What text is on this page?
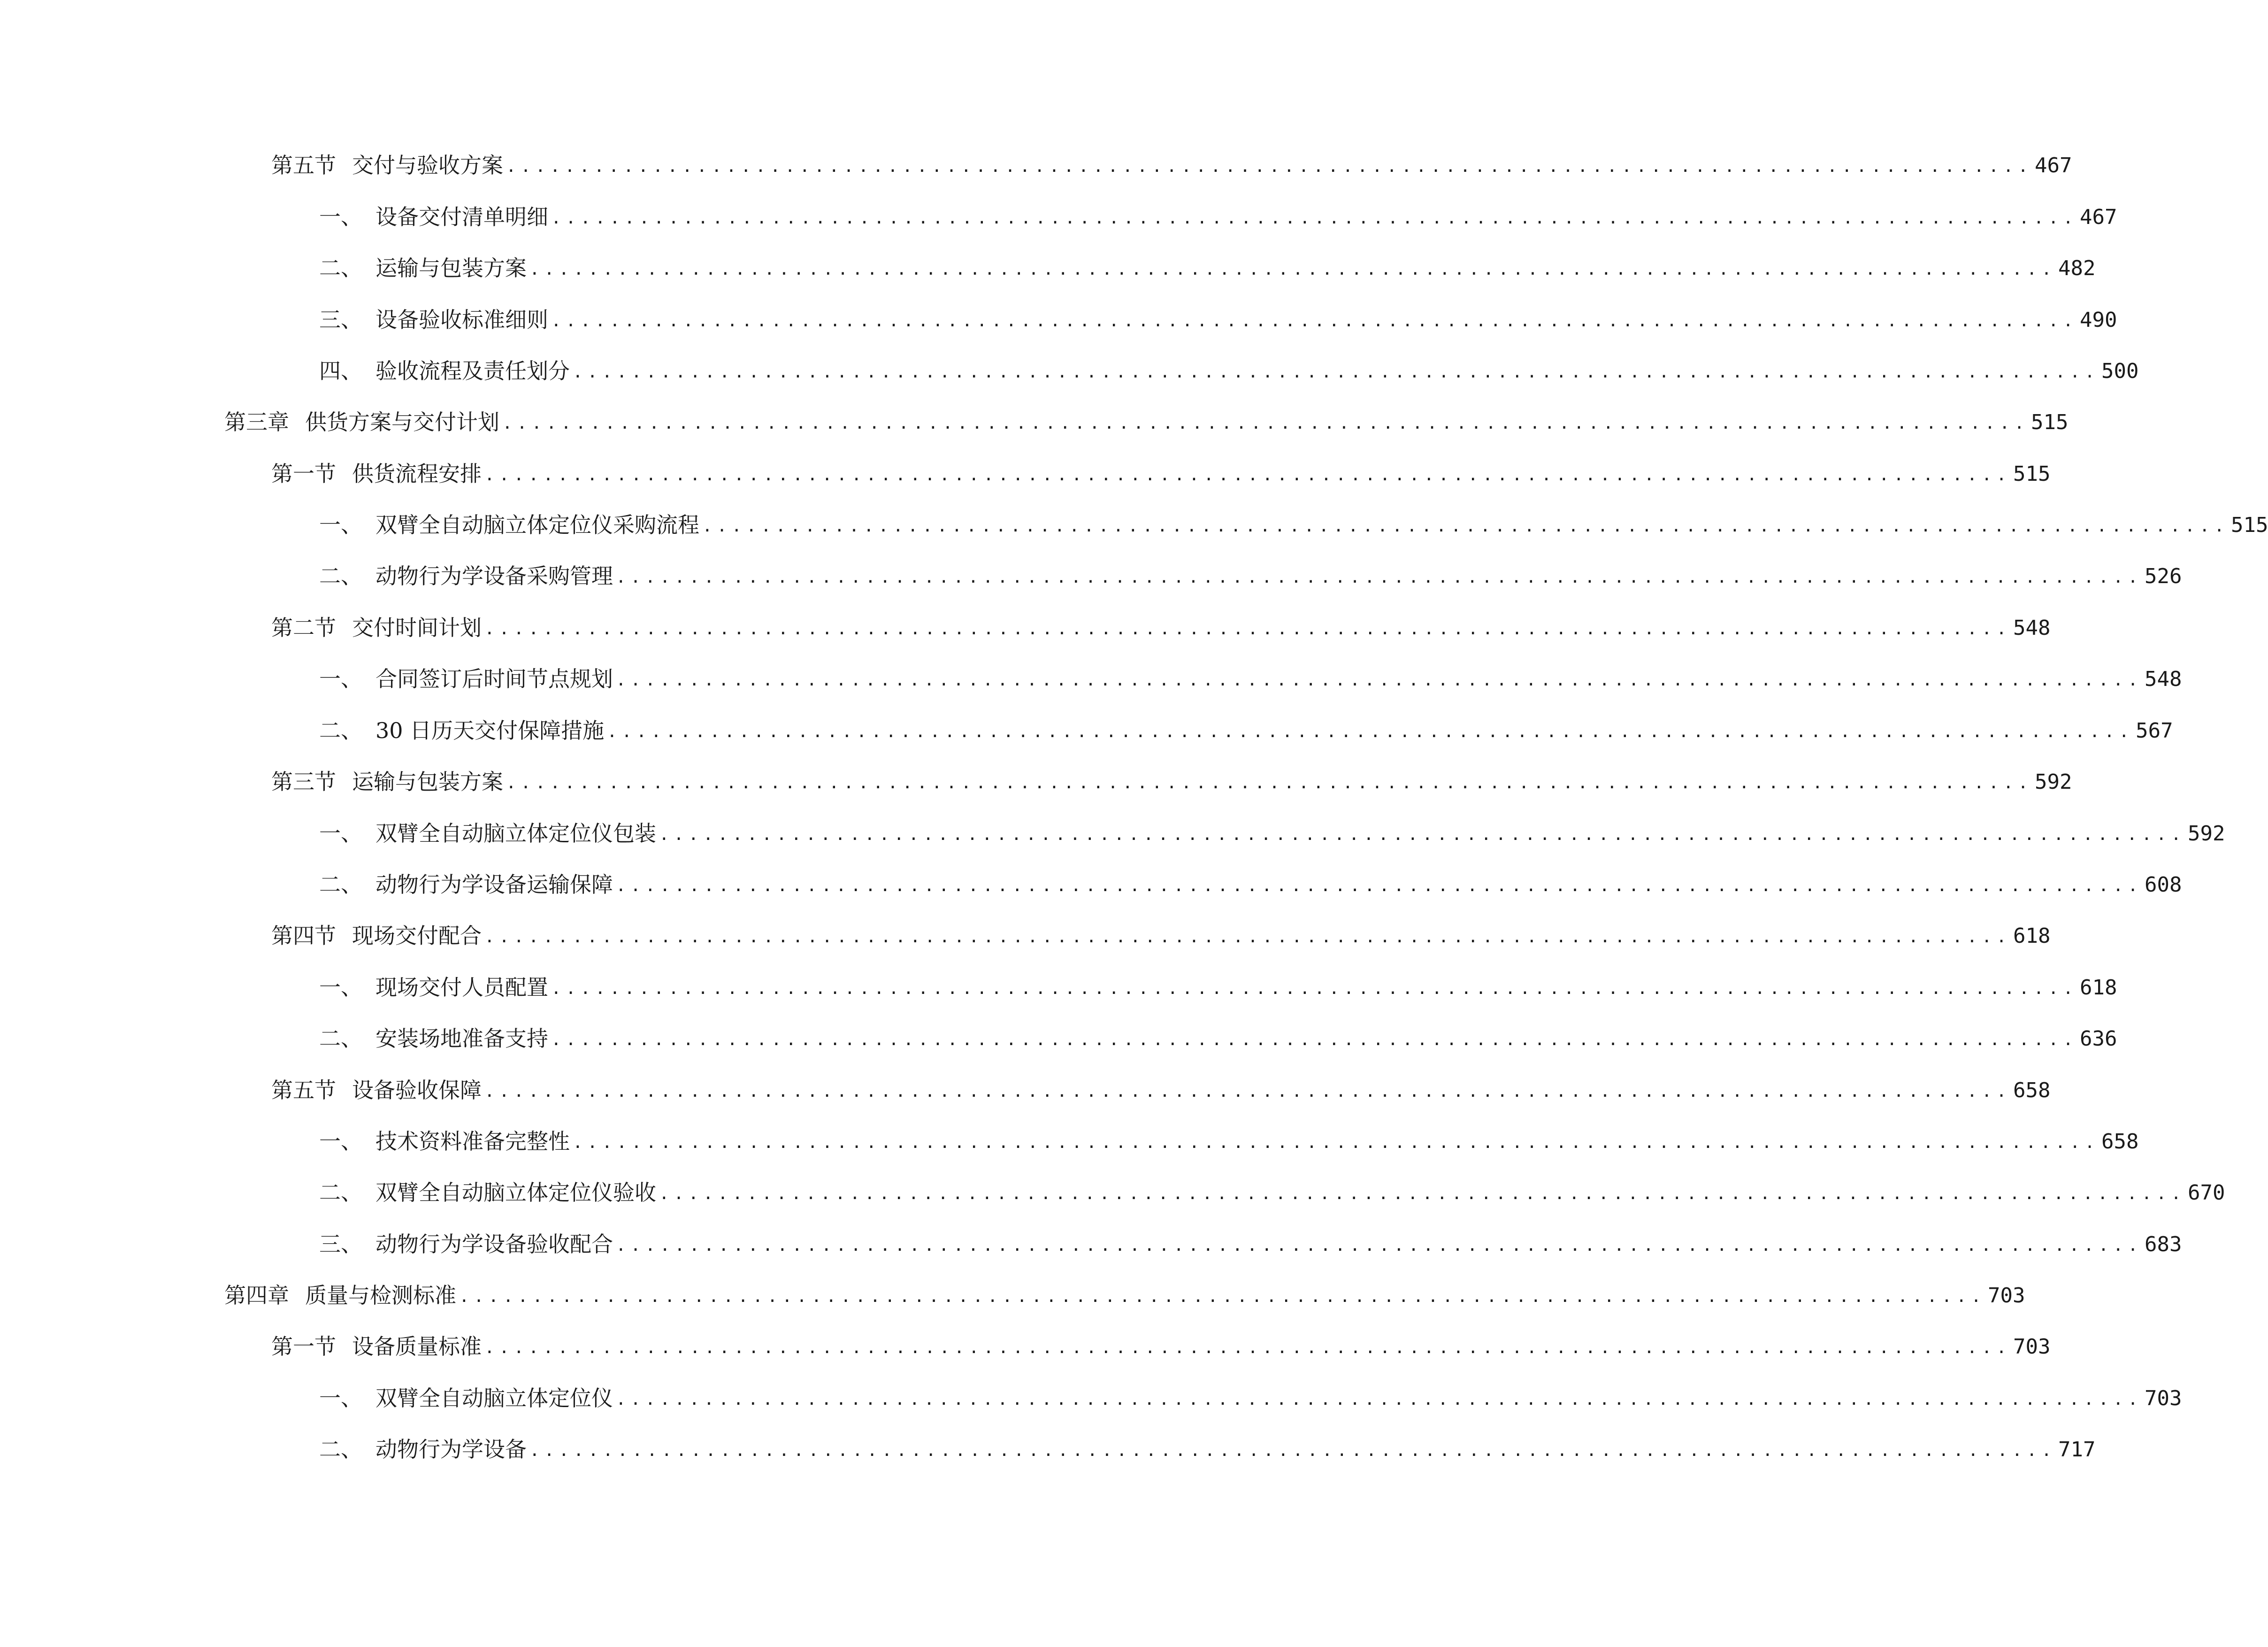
第五节 交付与验收方案 ........................................................................................................ 467
一、 设备交付清单明细 ........................................................................................................ 467
二、 运输与包装方案 ........................................................................................................ 482
三、 设备验收标准细则 ........................................................................................................ 490
四、 验收流程及责任划分 ........................................................................................................ 500
第三章 供货方案与交付计划 ........................................................................................................ 515
第一节 供货流程安排 ........................................................................................................ 515
一、 双臂全自动脑立体定位仪采购流程 ........................................................................................................ 515
二、 动物行为学设备采购管理 ........................................................................................................ 526
第二节 交付时间计划 ........................................................................................................ 548
一、 合同签订后时间节点规划 ........................................................................................................ 548
二、 30 日历天交付保障措施 ........................................................................................................ 567
第三节 运输与包装方案 ........................................................................................................ 592
一、 双臂全自动脑立体定位仪包装 ........................................................................................................ 592
二、 动物行为学设备运输保障 ........................................................................................................ 608
第四节 现场交付配合 ........................................................................................................ 618
一、 现场交付人员配置 ........................................................................................................ 618
二、 安装场地准备支持 ........................................................................................................ 636
第五节 设备验收保障 ........................................................................................................ 658
一、 技术资料准备完整性 ........................................................................................................ 658
二、 双臂全自动脑立体定位仪验收 ........................................................................................................ 670
三、 动物行为学设备验收配合 ........................................................................................................ 683
第四章 质量与检测标准 ........................................................................................................ 703
第一节 设备质量标准 ........................................................................................................ 703
一、 双臂全自动脑立体定位仪 ........................................................................................................ 703
二、 动物行为学设备 ........................................................................................................ 717
